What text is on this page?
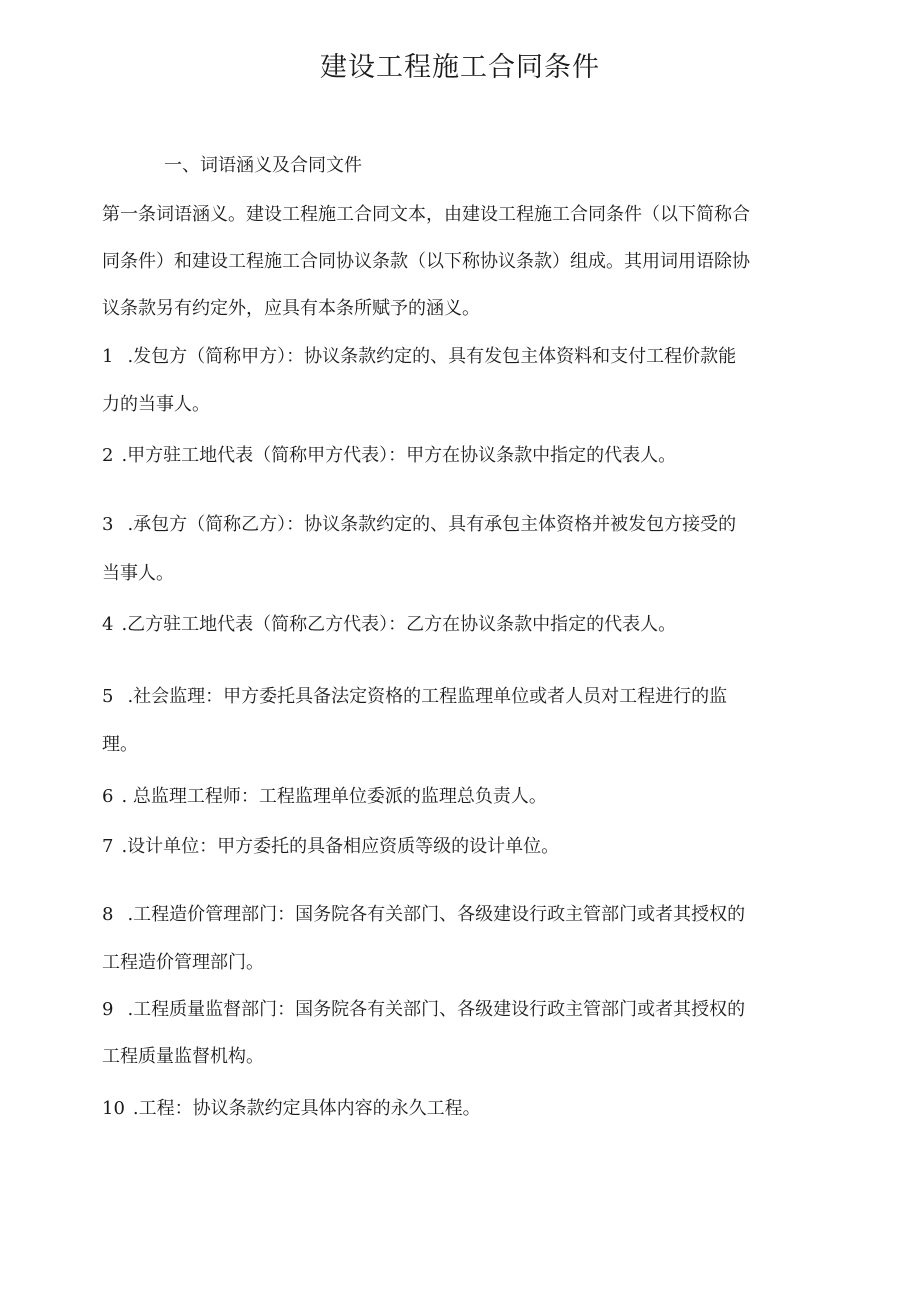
建设工程施工合同条件
一、词语涵义及合同文件
第一条词语涵义。建设工程施工合同文本，由建设工程施工合同条件（以下简称合
同条件）和建设工程施工合同协议条款（以下称协议条款）组成。其用词用语除协
议条款另有约定外，应具有本条所赋予的涵义。
1 .发包方（简称甲方）：协议条款约定的、具有发包主体资料和支付工程价款能
力的当事人。
2 .甲方驻工地代表（简称甲方代表）：甲方在协议条款中指定的代表人。
3 .承包方（简称乙方）：协议条款约定的、具有承包主体资格并被发包方接受的
当事人。
4 .乙方驻工地代表（简称乙方代表）：乙方在协议条款中指定的代表人。
5 .社会监理：甲方委托具备法定资格的工程监理单位或者人员对工程进行的监
理。
6 . 总监理工程师：工程监理单位委派的监理总负责人。
7 .设计单位：甲方委托的具备相应资质等级的设计单位。
8 .工程造价管理部门：国务院各有关部门、各级建设行政主管部门或者其授权的
工程造价管理部门。
9 .工程质量监督部门：国务院各有关部门、各级建设行政主管部门或者其授权的
工程质量监督机构。
10 .工程：协议条款约定具体内容的永久工程。
